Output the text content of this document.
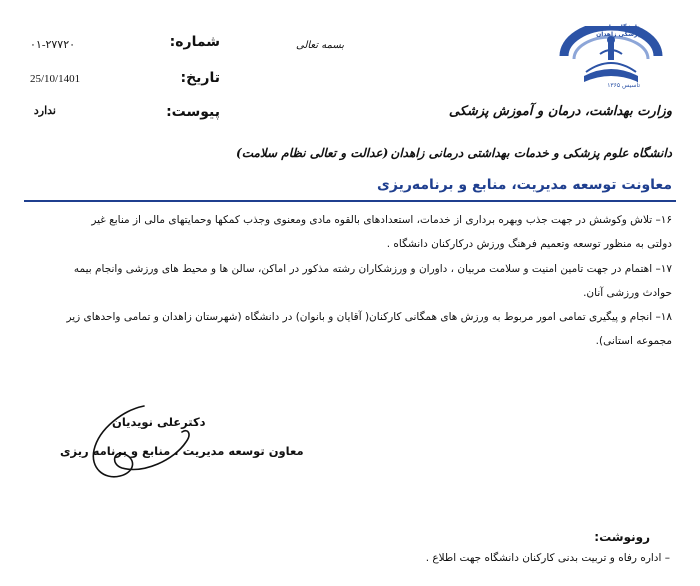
شماره:
۰۱-۲۷۷۲۰
تاریخ:
25/10/1401
پیوست:
ندارد
بسمه تعالی
دانشگاه علوم پزشکی زاهدان
تأسیس ۱۳۶۵
وزارت بهداشت، درمان و آموزش پزشکی
دانشگاه علوم پزشکی و خدمات بهداشتی درمانی زاهدان
(عدالت و تعالی نظام سلامت)
معاونت توسعه مدیریت، منابع و برنامه‌ریزی
۱۶– تلاش وکوشش در جهت جذب وبهره برداری از خدمات، استعدادهای بالقوه مادی ومعنوی وجذب کمکها وحمایتهای مالی از منابع غیر
دولتی به منظور توسعه وتعمیم فرهنگ ورزش درکارکنان دانشگاه .
۱۷– اهتمام در جهت تامین امنیت و سلامت مربیان ، داوران و ورزشکاران رشته مذکور در اماکن، سالن ها و محیط های ورزشی وانجام بیمه
حوادث ورزشی آنان.
۱۸– انجام و پیگیری تمامی امور مربوط به ورزش های همگانی کارکنان( آقایان و بانوان) در دانشگاه (شهرستان زاهدان و تمامی واحدهای زیر
مجموعه استانی).
دکترعلی نویدیان
معاون توسعه مدیریت ، منابع و برنامه ریزی
رونوشت:
– اداره رفاه و تربیت بدنی کارکنان دانشگاه جهت اطلاع .
